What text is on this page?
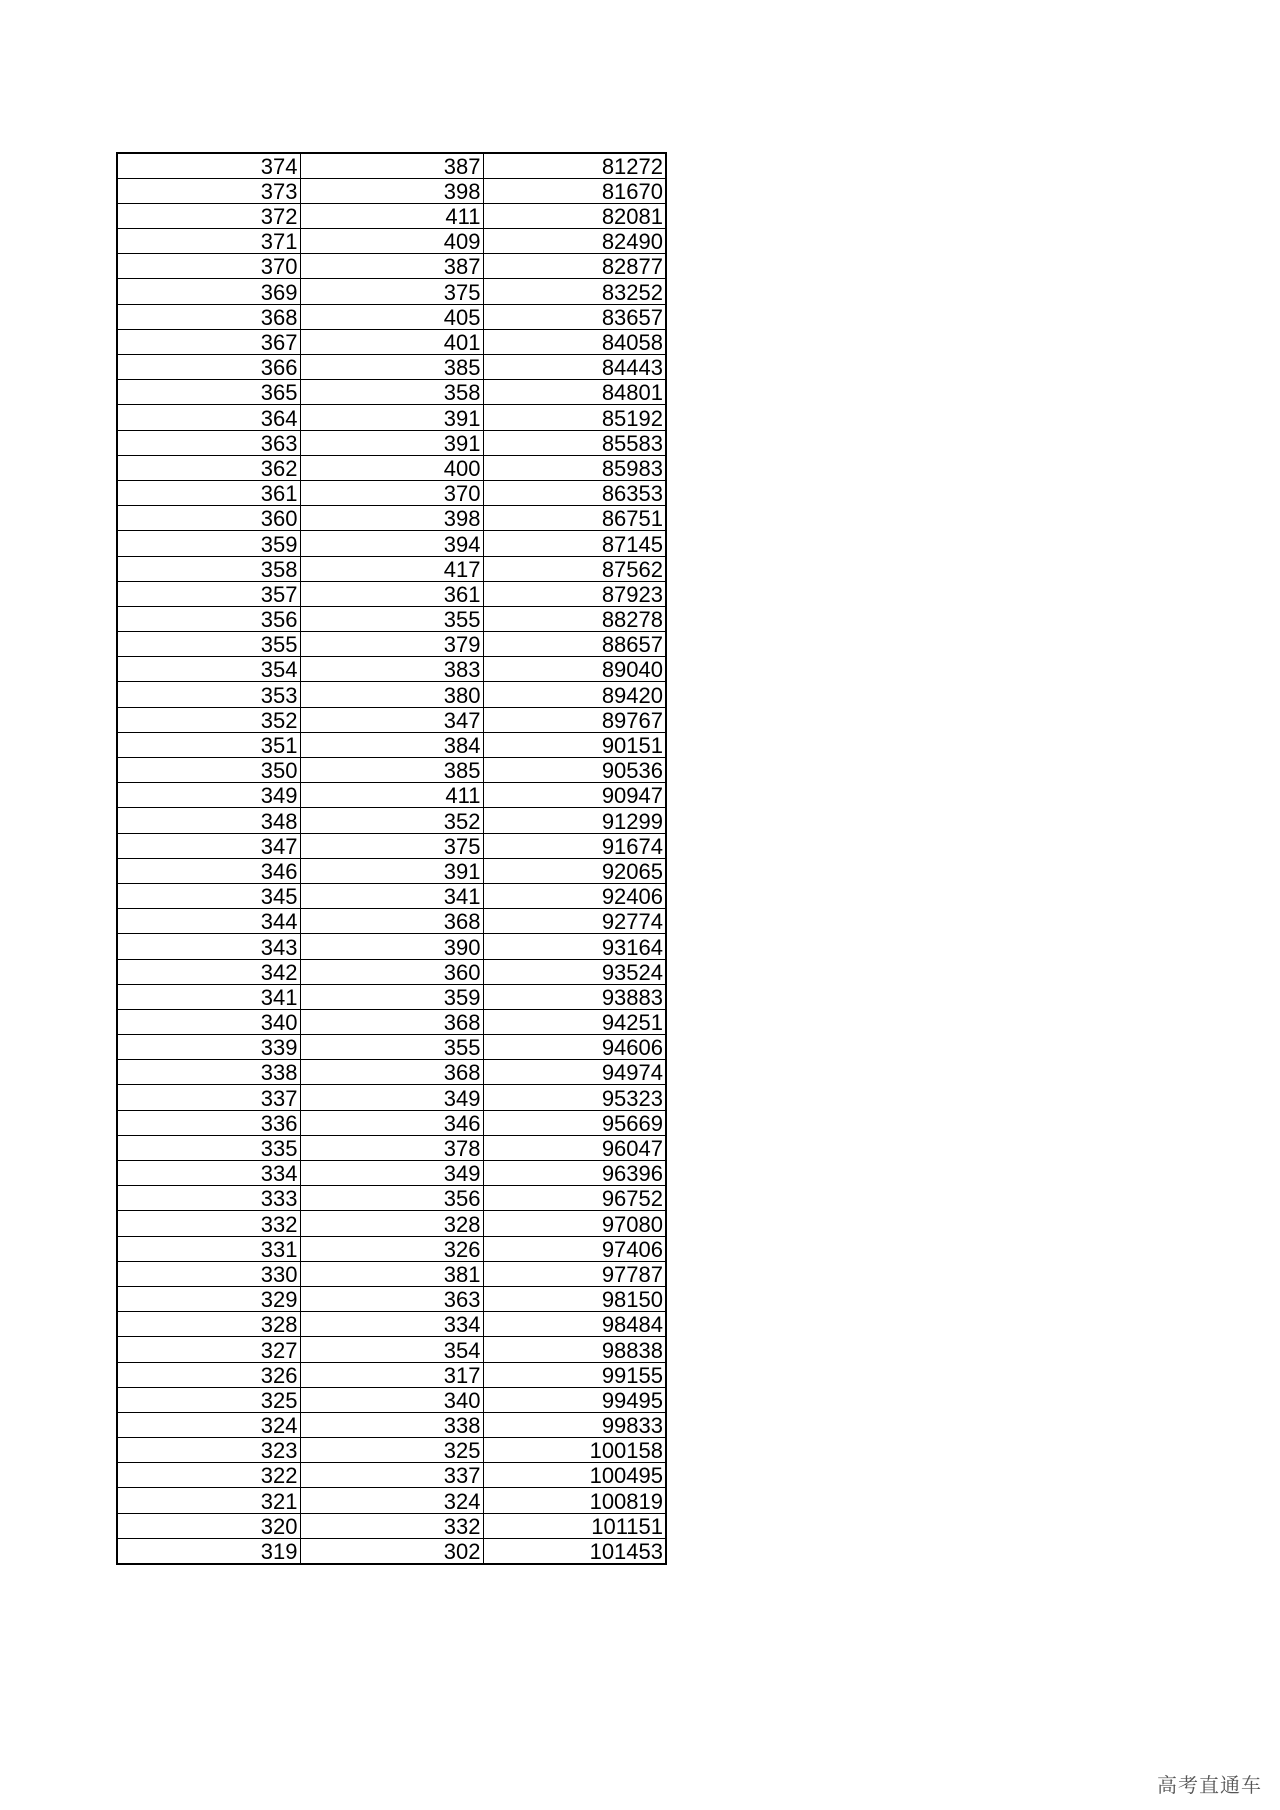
374	387	81272
373	398	81670
372	411	82081
371	409	82490
370	387	82877
369	375	83252
368	405	83657
367	401	84058
366	385	84443
365	358	84801
364	391	85192
363	391	85583
362	400	85983
361	370	86353
360	398	86751
359	394	87145
358	417	87562
357	361	87923
356	355	88278
355	379	88657
354	383	89040
353	380	89420
352	347	89767
351	384	90151
350	385	90536
349	411	90947
348	352	91299
347	375	91674
346	391	92065
345	341	92406
344	368	92774
343	390	93164
342	360	93524
341	359	93883
340	368	94251
339	355	94606
338	368	94974
337	349	95323
336	346	95669
335	378	96047
334	349	96396
333	356	96752
332	328	97080
331	326	97406
330	381	97787
329	363	98150
328	334	98484
327	354	98838
326	317	99155
325	340	99495
324	338	99833
323	325	100158
322	337	100495
321	324	100819
320	332	101151
319	302	101453
高考直通车
